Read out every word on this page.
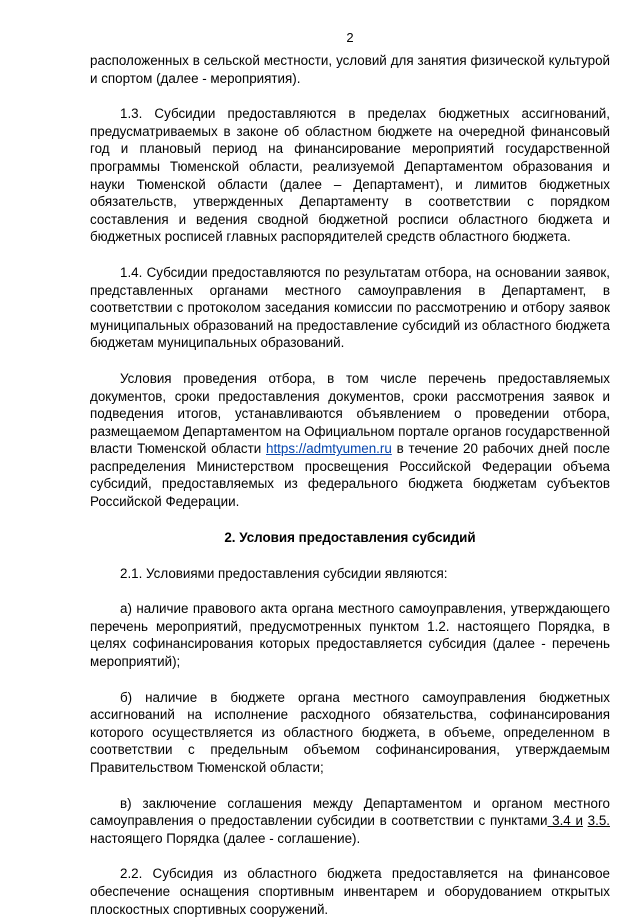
2

расположенных в сельской местности, условий для занятия физической культурой и спортом (далее - мероприятия).

1.3. Субсидии предоставляются в пределах бюджетных ассигнований, предусматриваемых в законе об областном бюджете на очередной финансовый год и плановый период на финансирование мероприятий государственной программы Тюменской области, реализуемой Департаментом образования и науки Тюменской области (далее – Департамент), и лимитов бюджетных обязательств, утвержденных Департаменту в соответствии с порядком составления и ведения сводной бюджетной росписи областного бюджета и бюджетных росписей главных распорядителей средств областного бюджета.

1.4. Субсидии предоставляются по результатам отбора, на основании заявок, представленных органами местного самоуправления в Департамент, в соответствии с протоколом заседания комиссии по рассмотрению и отбору заявок муниципальных образований на предоставление субсидий из областного бюджета бюджетам муниципальных образований.

Условия проведения отбора, в том числе перечень предоставляемых документов, сроки предоставления документов, сроки рассмотрения заявок и подведения итогов, устанавливаются объявлением о проведении отбора, размещаемом Департаментом на Официальном портале органов государственной власти Тюменской области https://admtyumen.ru в течение 20 рабочих дней после распределения Министерством просвещения Российской Федерации объема субсидий, предоставляемых из федерального бюджета бюджетам субъектов Российской Федерации.

2. Условия предоставления субсидий

2.1. Условиями предоставления субсидии являются:

а) наличие правового акта органа местного самоуправления, утверждающего перечень мероприятий, предусмотренных пунктом 1.2. настоящего Порядка, в целях софинансирования которых предоставляется субсидия (далее - перечень мероприятий);

б) наличие в бюджете органа местного самоуправления бюджетных ассигнований на исполнение расходного обязательства, софинансирования которого осуществляется из областного бюджета, в объеме, определенном в соответствии с предельным объемом софинансирования, утверждаемым Правительством Тюменской области;

в) заключение соглашения между Департаментом и органом местного самоуправления о предоставлении субсидии в соответствии с пунктами 3.4 и 3.5. настоящего Порядка (далее - соглашение).

2.2. Субсидия из областного бюджета предоставляется на финансовое обеспечение оснащения спортивным инвентарем и оборудованием открытых плоскостных спортивных сооружений.
